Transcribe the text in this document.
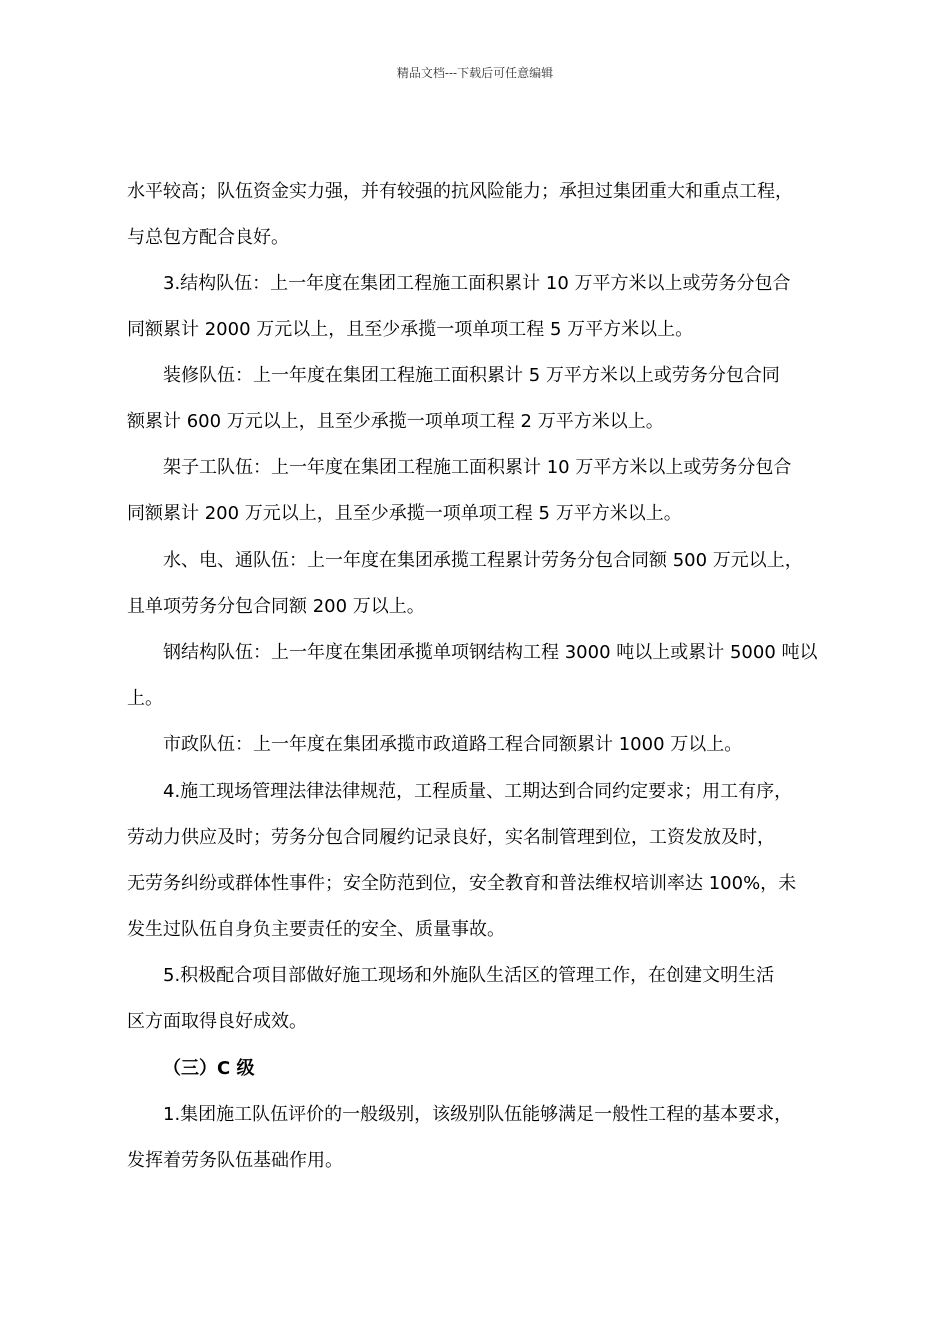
精品文档---下载后可任意编辑
水平较高；队伍资金实力强，并有较强的抗风险能力；承担过集团重大和重点工程，
与总包方配合良好。
3.结构队伍：上一年度在集团工程施工面积累计 10 万平方米以上或劳务分包合
同额累计 2000 万元以上，且至少承揽一项单项工程 5 万平方米以上。
装修队伍：上一年度在集团工程施工面积累计 5 万平方米以上或劳务分包合同
额累计 600 万元以上，且至少承揽一项单项工程 2 万平方米以上。
架子工队伍：上一年度在集团工程施工面积累计 10 万平方米以上或劳务分包合
同额累计 200 万元以上，且至少承揽一项单项工程 5 万平方米以上。
水、电、通队伍：上一年度在集团承揽工程累计劳务分包合同额 500 万元以上，
且单项劳务分包合同额 200 万以上。
钢结构队伍：上一年度在集团承揽单项钢结构工程 3000 吨以上或累计 5000 吨以
上。
市政队伍：上一年度在集团承揽市政道路工程合同额累计 1000 万以上。
4.施工现场管理法律法律规范，工程质量、工期达到合同约定要求；用工有序，
劳动力供应及时；劳务分包合同履约记录良好，实名制管理到位，工资发放及时，
无劳务纠纷或群体性事件；安全防范到位，安全教育和普法维权培训率达 100%，未
发生过队伍自身负主要责任的安全、质量事故。
5.积极配合项目部做好施工现场和外施队生活区的管理工作，在创建文明生活
区方面取得良好成效。
（三）C 级
1.集团施工队伍评价的一般级别，该级别队伍能够满足一般性工程的基本要求，
发挥着劳务队伍基础作用。
